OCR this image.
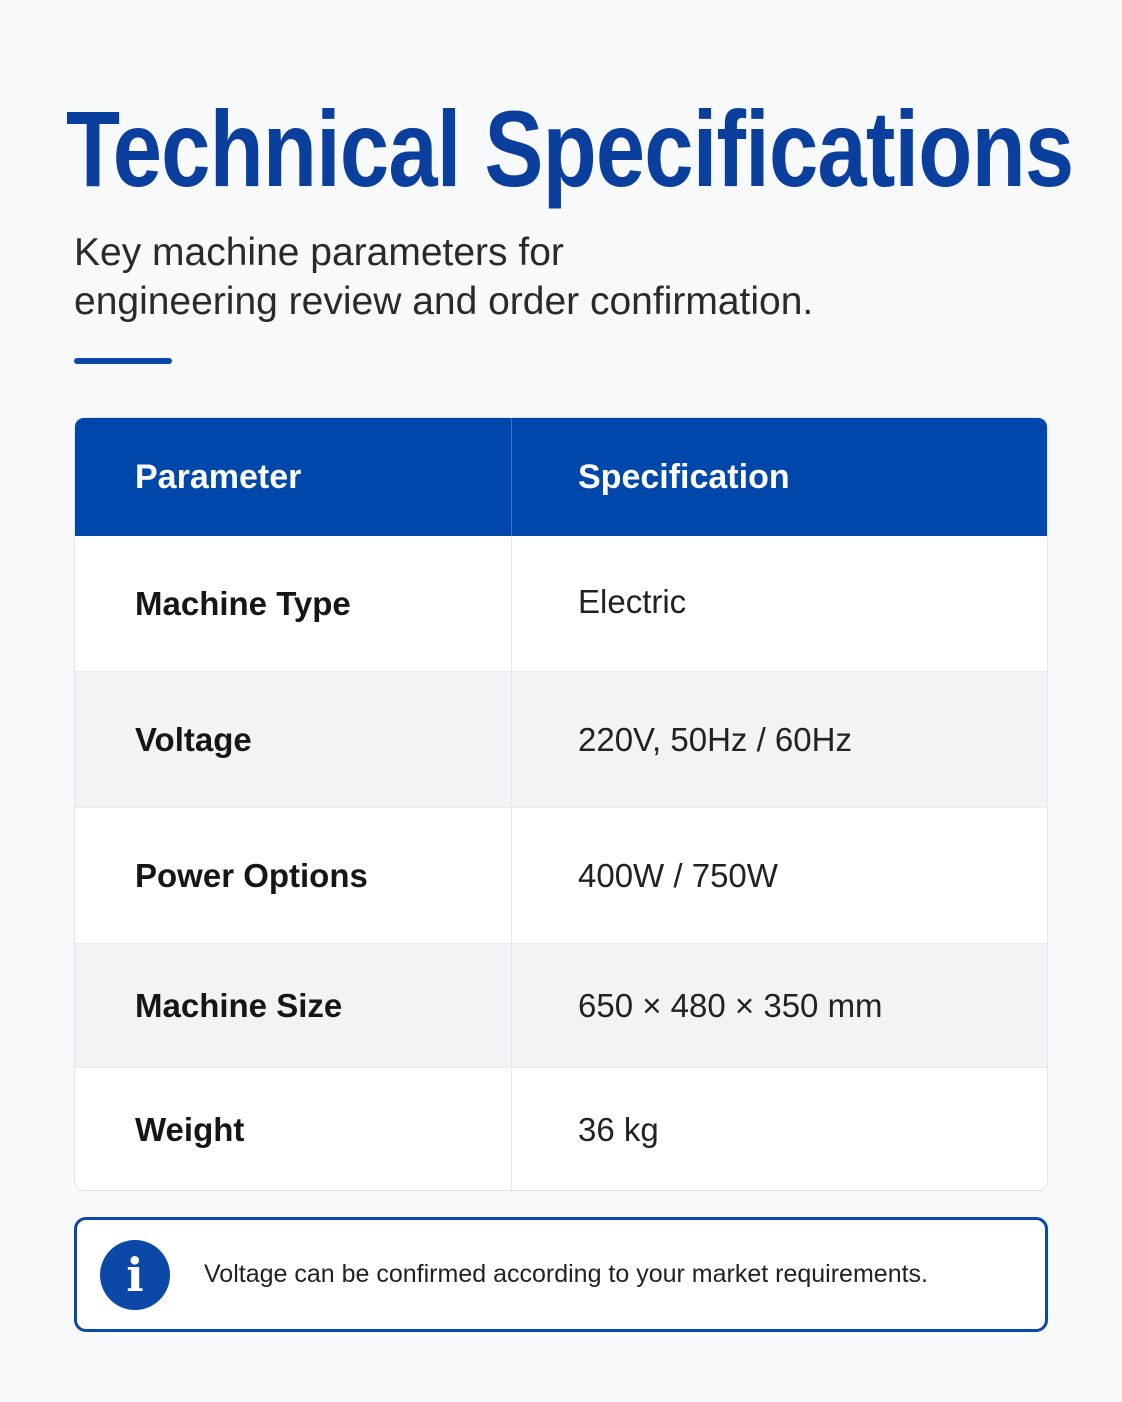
Technical Specifications

Key machine parameters for
engineering review and order confirmation.

Parameter	Specification
Machine Type	Electric
Voltage	220V, 50Hz / 60Hz
Power Options	400W / 750W
Machine Size	650 × 480 × 350 mm
Weight	36 kg
i Voltage can be confirmed according to your market requirements.
